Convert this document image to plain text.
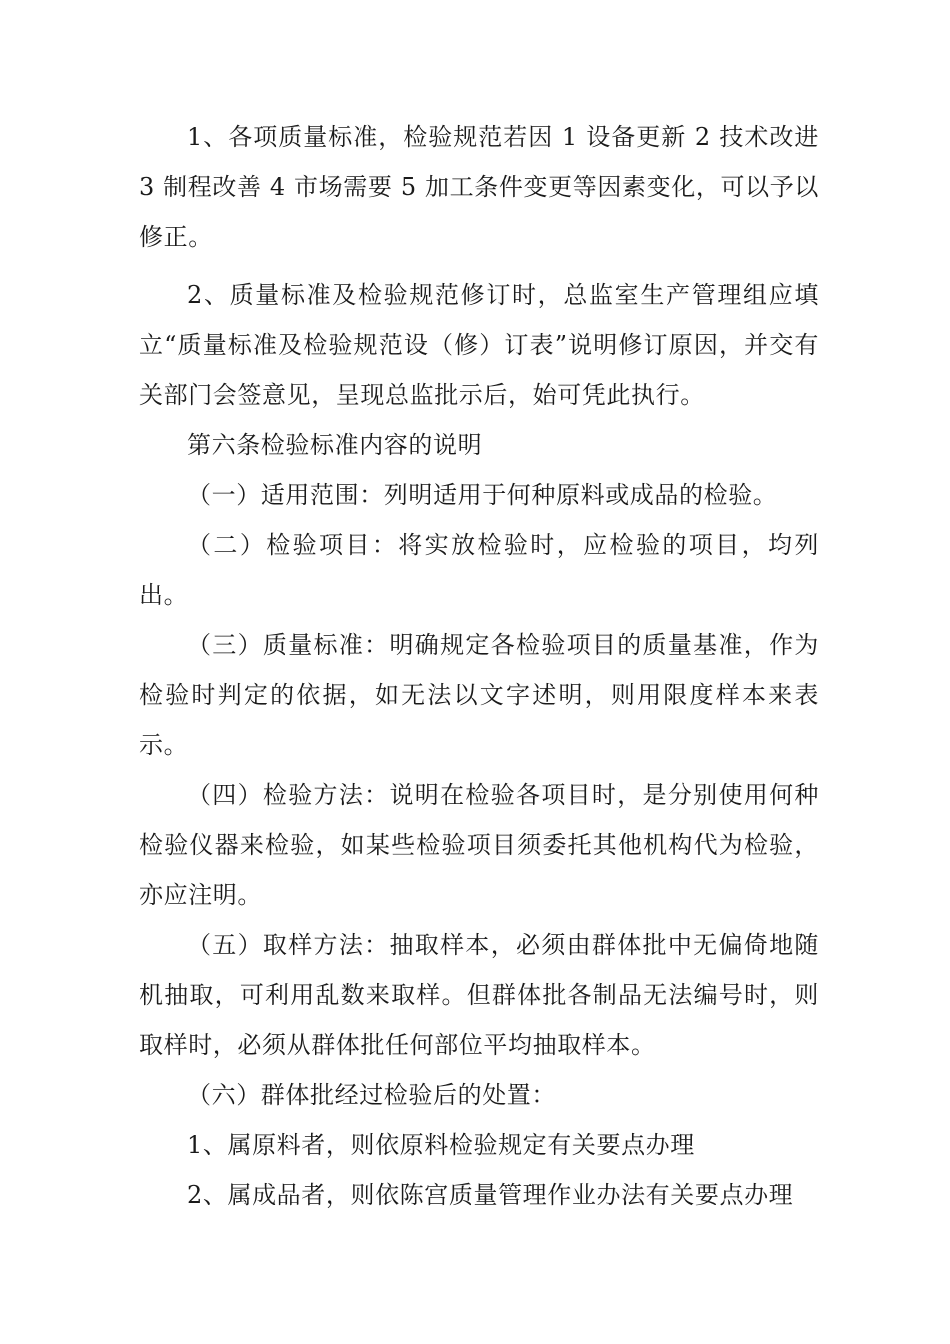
1、各项质量标准，检验规范若因 1 设备更新 2 技术改进 3 制程改善 4 市场需要 5 加工条件变更等因素变化，可以予以修正。

2、质量标准及检验规范修订时，总监室生产管理组应填立“质量标准及检验规范设（修）订表”说明修订原因，并交有关部门会签意见，呈现总监批示后，始可凭此执行。

第六条检验标准内容的说明

（一）适用范围：列明适用于何种原料或成品的检验。

（二）检验项目：将实放检验时，应检验的项目，均列出。

（三）质量标准：明确规定各检验项目的质量基准，作为检验时判定的依据，如无法以文字述明，则用限度样本来表示。

（四）检验方法：说明在检验各项目时，是分别使用何种检验仪器来检验，如某些检验项目须委托其他机构代为检验，亦应注明。

（五）取样方法：抽取样本，必须由群体批中无偏倚地随机抽取，可利用乱数来取样。但群体批各制品无法编号时，则取样时，必须从群体批任何部位平均抽取样本。

（六）群体批经过检验后的处置：

1、属原料者，则依原料检验规定有关要点办理

2、属成品者，则依陈宫质量管理作业办法有关要点办理
